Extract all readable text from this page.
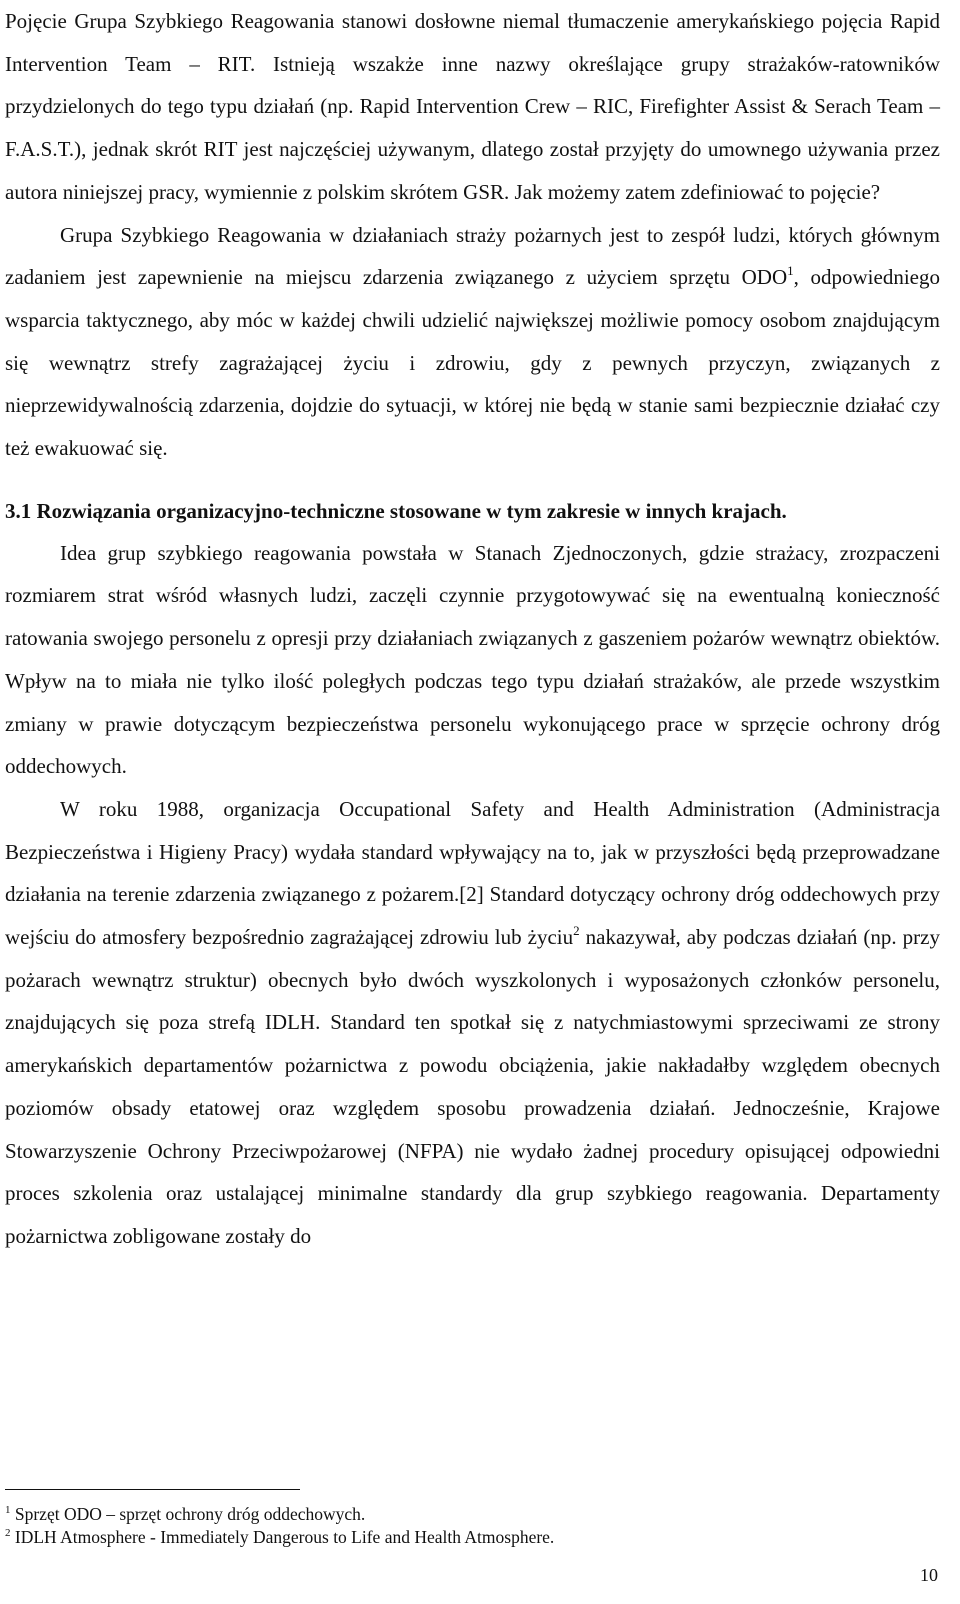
Pojęcie Grupa Szybkiego Reagowania stanowi dosłowne niemal tłumaczenie amerykańskiego pojęcia Rapid Intervention Team – RIT. Istnieją wszakże inne nazwy określające grupy strażaków-ratowników przydzielonych do tego typu działań (np. Rapid Intervention Crew – RIC, Firefighter Assist & Serach Team – F.A.S.T.), jednak skrót RIT jest najczęściej używanym, dlatego został przyjęty do umownego używania przez autora niniejszej pracy, wymiennie z polskim skrótem GSR. Jak możemy zatem zdefiniować to pojęcie?

Grupa Szybkiego Reagowania w działaniach straży pożarnych jest to zespół ludzi, których głównym zadaniem jest zapewnienie na miejscu zdarzenia związanego z użyciem sprzętu ODO$^1$, odpowiedniego wsparcia taktycznego, aby móc w każdej chwili udzielić największej możliwie pomocy osobom znajdującym się wewnątrz strefy zagrażającej życiu i zdrowiu, gdy z pewnych przyczyn, związanych z nieprzewidywalnością zdarzenia, dojdzie do sytuacji, w której nie będą w stanie sami bezpiecznie działać czy też ewakuować się.

3.1 Rozwiązania organizacyjno-techniczne stosowane w tym zakresie w innych krajach.

Idea grup szybkiego reagowania powstała w Stanach Zjednoczonych, gdzie strażacy, zrozpaczeni rozmiarem strat wśród własnych ludzi, zaczęli czynnie przygotowywać się na ewentualną konieczność ratowania swojego personelu z opresji przy działaniach związanych z gaszeniem pożarów wewnątrz obiektów. Wpływ na to miała nie tylko ilość poległych podczas tego typu działań strażaków, ale przede wszystkim zmiany w prawie dotyczącym bezpieczeństwa personelu wykonującego prace w sprzęcie ochrony dróg oddechowych.

W roku 1988, organizacja Occupational Safety and Health Administration (Administracja Bezpieczeństwa i Higieny Pracy) wydała standard wpływający na to, jak w przyszłości będą przeprowadzane działania na terenie zdarzenia związanego z pożarem.[2] Standard dotyczący ochrony dróg oddechowych przy wejściu do atmosfery bezpośrednio zagrażającej zdrowiu lub życiu$^2$ nakazywał, aby podczas działań (np. przy pożarach wewnątrz struktur) obecnych było dwóch wyszkolonych i wyposażonych członków personelu, znajdujących się poza strefą IDLH. Standard ten spotkał się z natychmiastowymi sprzeciwami ze strony amerykańskich departamentów pożarnictwa z powodu obciążenia, jakie nakładałby względem obecnych poziomów obsady etatowej oraz względem sposobu prowadzenia działań. Jednocześnie, Krajowe Stowarzyszenie Ochrony Przeciwpożarowej (NFPA) nie wydało żadnej procedury opisującej odpowiedni proces szkolenia oraz ustalającej minimalne standardy dla grup szybkiego reagowania. Departamenty pożarnictwa zobligowane zostały do

$^1$ Sprzęt ODO – sprzęt ochrony dróg oddechowych.
$^2$ IDLH Atmosphere - Immediately Dangerous to Life and Health Atmosphere.
10
